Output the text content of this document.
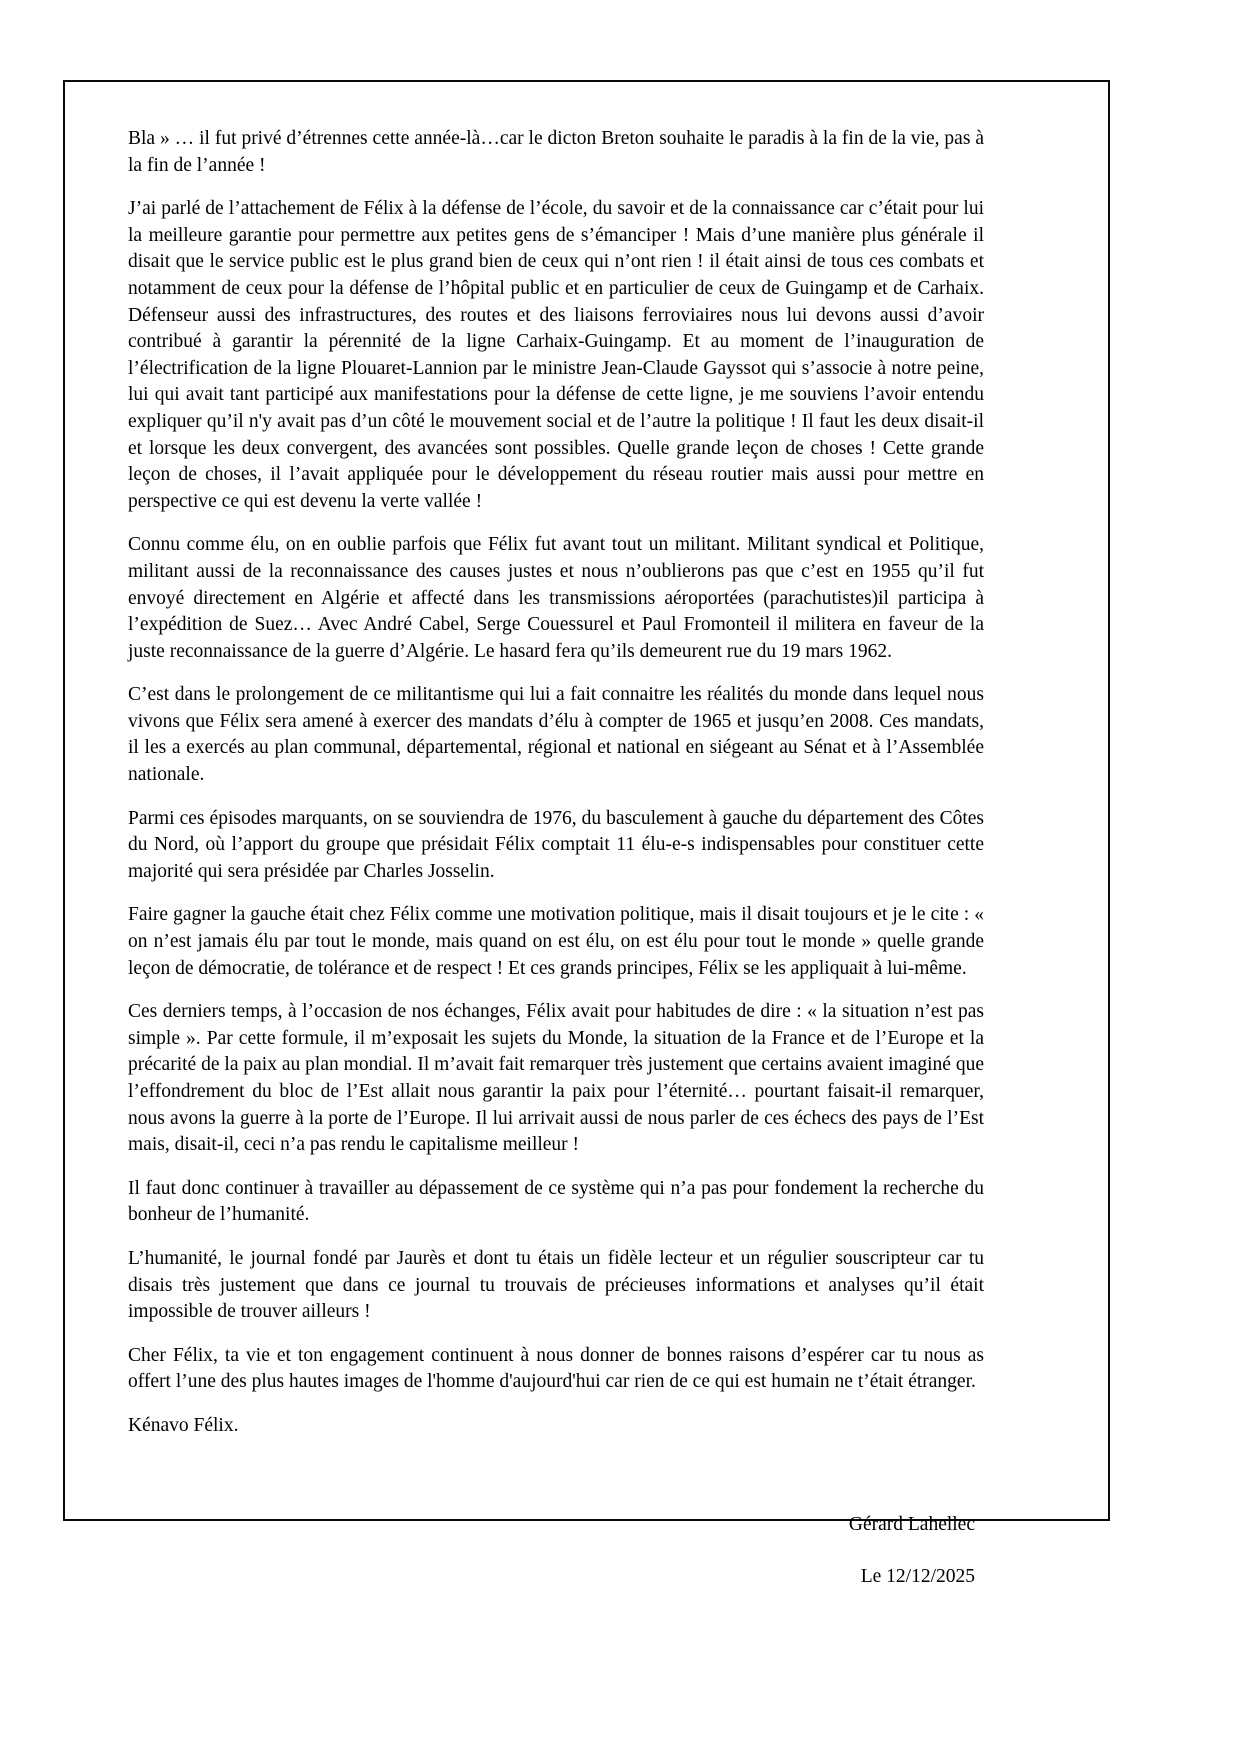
Bla » … il fut privé d’étrennes cette année-là…car le dicton Breton souhaite le paradis à la fin de la vie, pas à la fin de l’année !

J’ai parlé de l’attachement de Félix à la défense de l’école, du savoir et de la connaissance car c’était pour lui la meilleure garantie pour permettre aux petites gens de s’émanciper ! Mais d’une manière plus générale il disait que le service public est le plus grand bien de ceux qui n’ont rien ! il était ainsi de tous ces combats et notamment de ceux pour la défense de l’hôpital public et en particulier de ceux de Guingamp et de Carhaix. Défenseur aussi des infrastructures, des routes et des liaisons ferroviaires nous lui devons aussi d’avoir contribué à garantir la pérennité de la ligne Carhaix-Guingamp. Et au moment de l’inauguration de l’électrification de la ligne Plouaret-Lannion par le ministre Jean-Claude Gayssot qui s’associe à notre peine, lui qui avait tant participé aux manifestations pour la défense de cette ligne, je me souviens l’avoir entendu expliquer qu’il n'y avait pas d’un côté le mouvement social et de l’autre la politique ! Il faut les deux disait-il et lorsque les deux convergent, des avancées sont possibles. Quelle grande leçon de choses ! Cette grande leçon de choses, il l’avait appliquée pour le développement du réseau routier mais aussi pour mettre en perspective ce qui est devenu la verte vallée !

Connu comme élu, on en oublie parfois que Félix fut avant tout un militant. Militant syndical et Politique, militant aussi de la reconnaissance des causes justes et nous n’oublierons pas que c’est en 1955 qu’il fut envoyé directement en Algérie et affecté dans les transmissions aéroportées (parachutistes)il participa à l’expédition de Suez… Avec André Cabel, Serge Couessurel et Paul Fromonteil il militera en faveur de la juste reconnaissance de la guerre d’Algérie. Le hasard fera qu’ils demeurent rue du 19 mars 1962.

C’est dans le prolongement de ce militantisme qui lui a fait connaitre les réalités du monde dans lequel nous vivons que Félix sera amené à exercer des mandats d’élu à compter de 1965 et jusqu’en 2008. Ces mandats, il les a exercés au plan communal, départemental, régional et national en siégeant au Sénat et à l’Assemblée nationale.

Parmi ces épisodes marquants, on se souviendra de 1976, du basculement à gauche du département des Côtes du Nord, où l’apport du groupe que présidait Félix comptait 11 élu-e-s indispensables pour constituer cette majorité qui sera présidée par Charles Josselin.

Faire gagner la gauche était chez Félix comme une motivation politique, mais il disait toujours et je le cite : « on n’est jamais élu par tout le monde, mais quand on est élu, on est élu pour tout le monde » quelle grande leçon de démocratie, de tolérance et de respect ! Et ces grands principes, Félix se les appliquait à lui-même.

Ces derniers temps, à l’occasion de nos échanges, Félix avait pour habitudes de dire : « la situation n’est pas simple ». Par cette formule, il m’exposait les sujets du Monde, la situation de la France et de l’Europe et la précarité de la paix au plan mondial. Il m’avait fait remarquer très justement que certains avaient imaginé que l’effondrement du bloc de l’Est allait nous garantir la paix pour l’éternité… pourtant faisait-il remarquer, nous avons la guerre à la porte de l’Europe. Il lui arrivait aussi de nous parler de ces échecs des pays de l’Est mais, disait-il, ceci n’a pas rendu le capitalisme meilleur !

Il faut donc continuer à travailler au dépassement de ce système qui n’a pas pour fondement la recherche du bonheur de l’humanité.

L’humanité, le journal fondé par Jaurès et dont tu étais un fidèle lecteur et un régulier souscripteur car tu disais très justement que dans ce journal tu trouvais de précieuses informations et analyses qu’il était impossible de trouver ailleurs !

Cher Félix, ta vie et ton engagement continuent à nous donner de bonnes raisons d’espérer car tu nous as offert l’une des plus hautes images de l'homme d'aujourd'hui car rien de ce qui est humain ne t’était étranger.

Kénavo Félix.

Gérard Lahellec

Le 12/12/2025
